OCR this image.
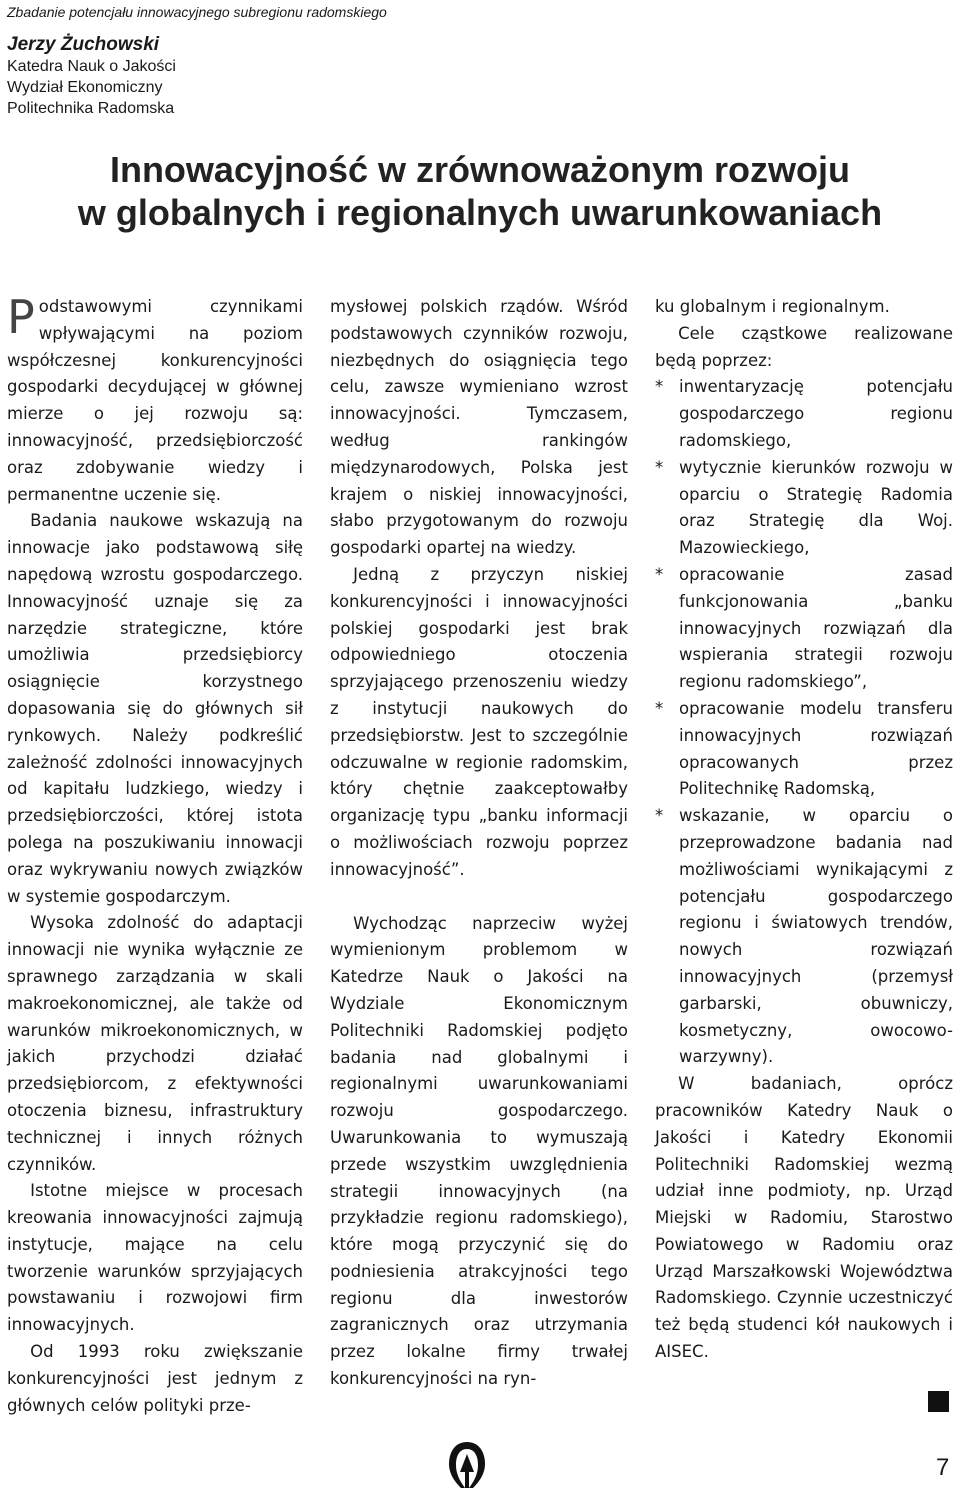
Zbadanie potencjału innowacyjnego subregionu radomskiego

Jerzy Żuchowski

Katedra Nauk o Jakości

Wydział Ekonomiczny

Politechnika Radomska

Innowacyjność w zrównoważonym rozwoju
w globalnych i regionalnych uwarunkowaniach

Podstawowymi czynnikami wpływającymi na poziom współczesnej konkurencyjności gospodarki decydującej w głównej mierze o jej rozwoju są: innowacyjność, przedsiębiorczość oraz zdobywanie wiedzy i permanentne uczenie się.

Badania naukowe wskazują na innowacje jako podstawową siłę napędową wzrostu gospodarczego. Innowacyjność uznaje się za narzędzie strategiczne, które umożliwia przedsiębiorcy osiągnięcie korzystnego dopasowania się do głównych sił rynkowych. Należy podkreślić zależność zdolności innowacyjnych od kapitału ludzkiego, wiedzy i przedsiębiorczości, której istota polega na poszukiwaniu innowacji oraz wykrywaniu nowych związków w systemie gospodarczym.

Wysoka zdolność do adaptacji innowacji nie wynika wyłącznie ze sprawnego zarządzania w skali makroekonomicznej, ale także od warunków mikroekonomicznych, w jakich przychodzi działać przedsiębiorcom, z efektywności otoczenia biznesu, infrastruktury technicznej i innych różnych czynników.

Istotne miejsce w procesach kreowania innowacyjności zajmują instytucje, mające na celu tworzenie warunków sprzyjających powstawaniu i rozwojowi firm innowacyjnych.

Od 1993 roku zwiększanie konkurencyjności jest jednym z głównych celów polityki prze-

mysłowej polskich rządów. Wśród podstawowych czynników rozwoju, niezbędnych do osiągnięcia tego celu, zawsze wymieniano wzrost innowacyjności. Tymczasem, według rankingów międzynarodowych, Polska jest krajem o niskiej innowacyjności, słabo przygotowanym do rozwoju gospodarki opartej na wiedzy.

Jedną z przyczyn niskiej konkurencyjności i innowacyjności polskiej gospodarki jest brak odpowiedniego otoczenia sprzyjającego przenoszeniu wiedzy z instytucji naukowych do przedsiębiorstw. Jest to szczególnie odczuwalne w regionie radomskim, który chętnie zaakceptowałby organizację typu „banku informacji o możliwościach rozwoju poprzez innowacyjność”.

Wychodząc naprzeciw wyżej wymienionym problemom w Katedrze Nauk o Jakości na Wydziale Ekonomicznym Politechniki Radomskiej podjęto badania nad globalnymi i regionalnymi uwarunkowaniami rozwoju gospodarczego. Uwarunkowania to wymuszają przede wszystkim uwzględnienia strategii innowacyjnych (na przykładzie regionu radomskiego), które mogą przyczynić się do podniesienia atrakcyjności tego regionu dla inwestorów zagranicznych oraz utrzymania przez lokalne firmy trwałej konkurencyjności na ryn-

ku globalnym i regionalnym.

Cele cząstkowe realizowane będą poprzez:

* inwentaryzację potencjału gospodarczego regionu radomskiego,
* wytycznie kierunków rozwoju w oparciu o Strategię Radomia oraz Strategię dla Woj. Mazowieckiego,
* opracowanie zasad funkcjonowania „banku innowacyjnych rozwiązań dla wspierania strategii rozwoju regionu radomskiego”,
* opracowanie modelu transferu innowacyjnych rozwiązań opracowanych przez Politechnikę Radomską,
* wskazanie, w oparciu o przeprowadzone badania nad możliwościami wynikającymi z potencjału gospodarczego regionu i światowych trendów, nowych rozwiązań innowacyjnych (przemysł garbarski, obuwniczy, kosmetyczny, owocowo-warzywny).

W badaniach, oprócz pracowników Katedry Nauk o Jakości i Katedry Ekonomii Politechniki Radomskiej wezmą udział inne podmioty, np. Urząd Miejski w Radomiu, Starostwo Powiatowego w Radomiu oraz Urząd Marszałkowski Województwa Radomskiego. Czynnie uczestniczyć też będą studenci kół naukowych i AISEC.

7
